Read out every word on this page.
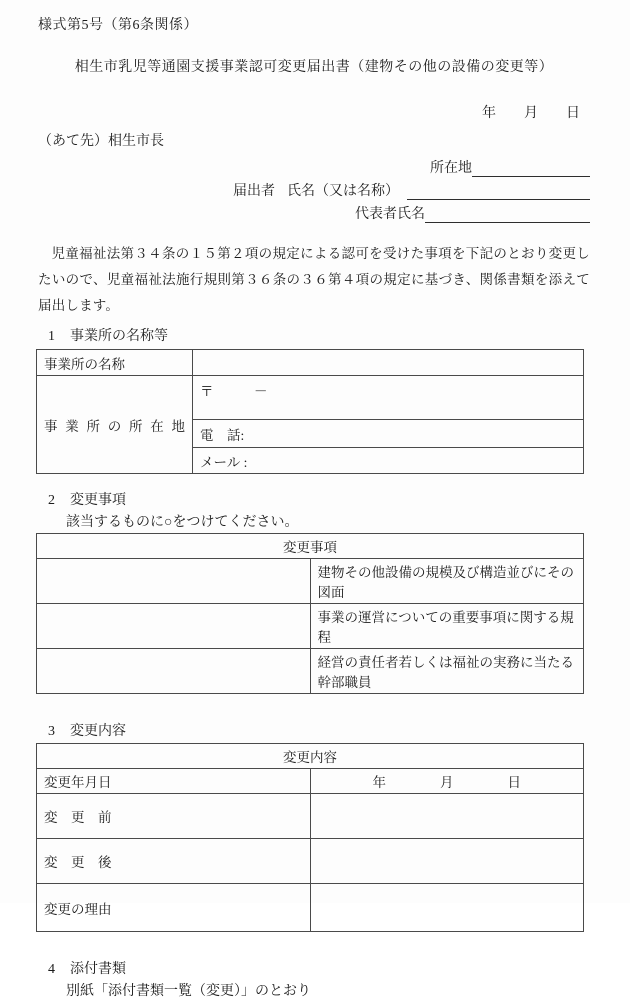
様式第5号（第6条関係）
相生市乳児等通園支援事業認可変更届出書（建物その他の設備の変更等）
年　　月　　日
（あて先）相生市長
所在地
届出者 氏名（又は名称）
代表者氏名
児童福祉法第３４条の１５第２項の規定による認可を受けた事項を下記のとおり変更したいので、児童福祉法施行規則第３６条の３６第４項の規定に基づき、関係書類を添えて届出します。
1 事業所の名称等
事業所の名称	

事業所の所在地	〒　　　－
	電　話:
	メール :
2 変更事項
該当するものに○をつけてください。
変更事項	
	建物その他設備の規模及び構造並びにその図面
	事業の運営についての重要事項に関する規程
	経営の責任者若しくは福祉の実務に当たる幹部職員
3 変更内容
変更内容	
変更年月日	年　　　　月　　　　日
変　更　前	
変　更　後	
変更の理由	
4 添付書類
別紙「添付書類一覧（変更）」のとおり
